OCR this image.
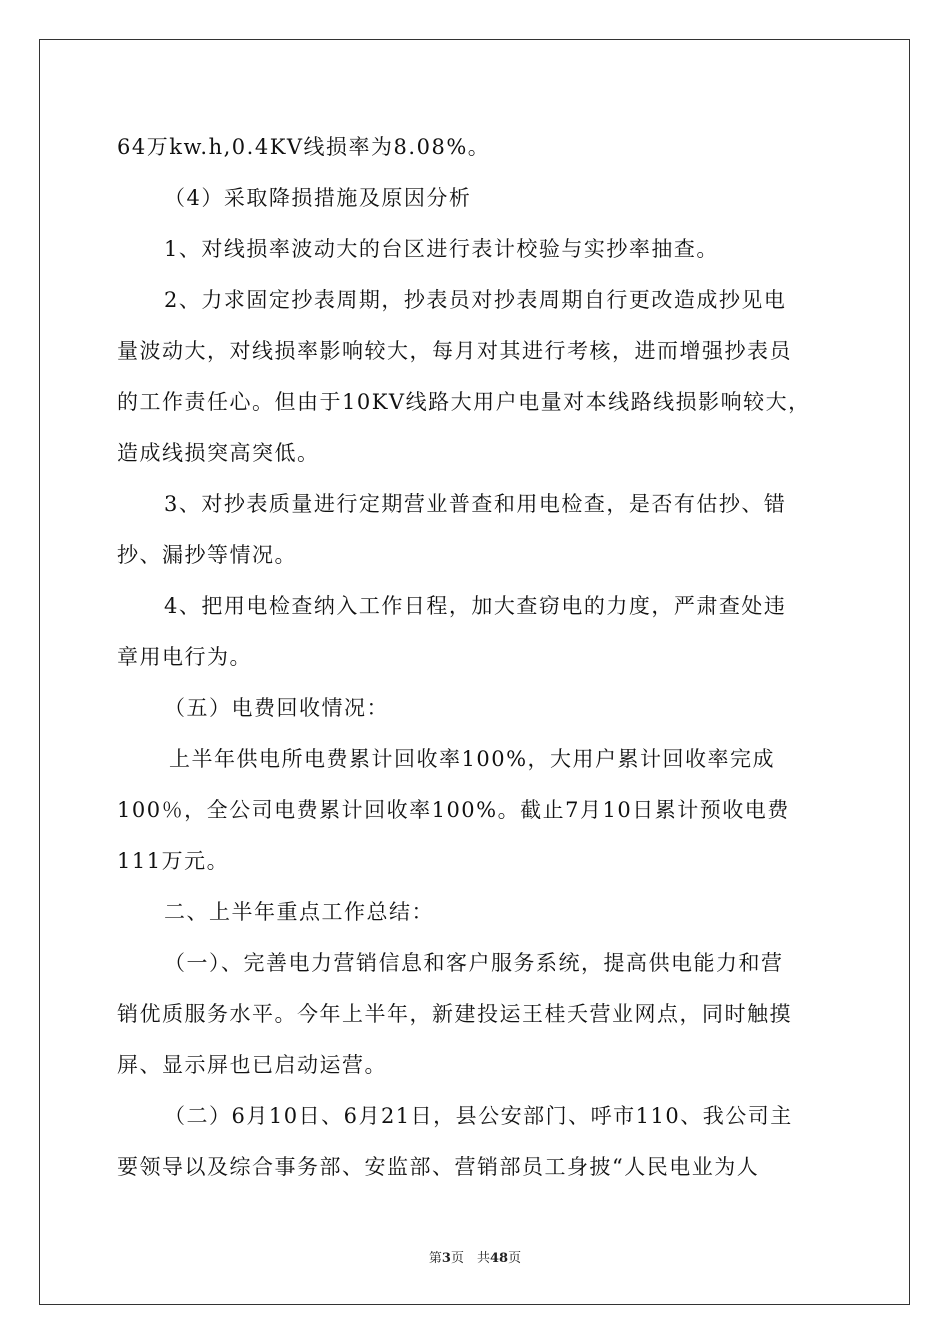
64万kw.h,0.4KV线损率为8.08%。
（4）采取降损措施及原因分析
1、对线损率波动大的台区进行表计校验与实抄率抽查。
2、力求固定抄表周期，抄表员对抄表周期自行更改造成抄见电
量波动大，对线损率影响较大，每月对其进行考核，进而增强抄表员
的工作责任心。但由于10KV线路大用户电量对本线路线损影响较大，
造成线损突高突低。
3、对抄表质量进行定期营业普查和用电检查，是否有估抄、错
抄、漏抄等情况。
4、把用电检查纳入工作日程，加大查窃电的力度，严肃查处违
章用电行为。
（五）电费回收情况：
上半年供电所电费累计回收率100%，大用户累计回收率完成
100％，全公司电费累计回收率100%。截止7月10日累计预收电费
111万元。
二、上半年重点工作总结：
（一）、完善电力营销信息和客户服务系统，提高供电能力和营
销优质服务水平。今年上半年，新建投运王桂夭营业网点，同时触摸
屏、显示屏也已启动运营。
（二）6月10日、6月21日，县公安部门、呼市110、我公司主
要领导以及综合事务部、安监部、营销部员工身披“人民电业为人
第3页　共48页
